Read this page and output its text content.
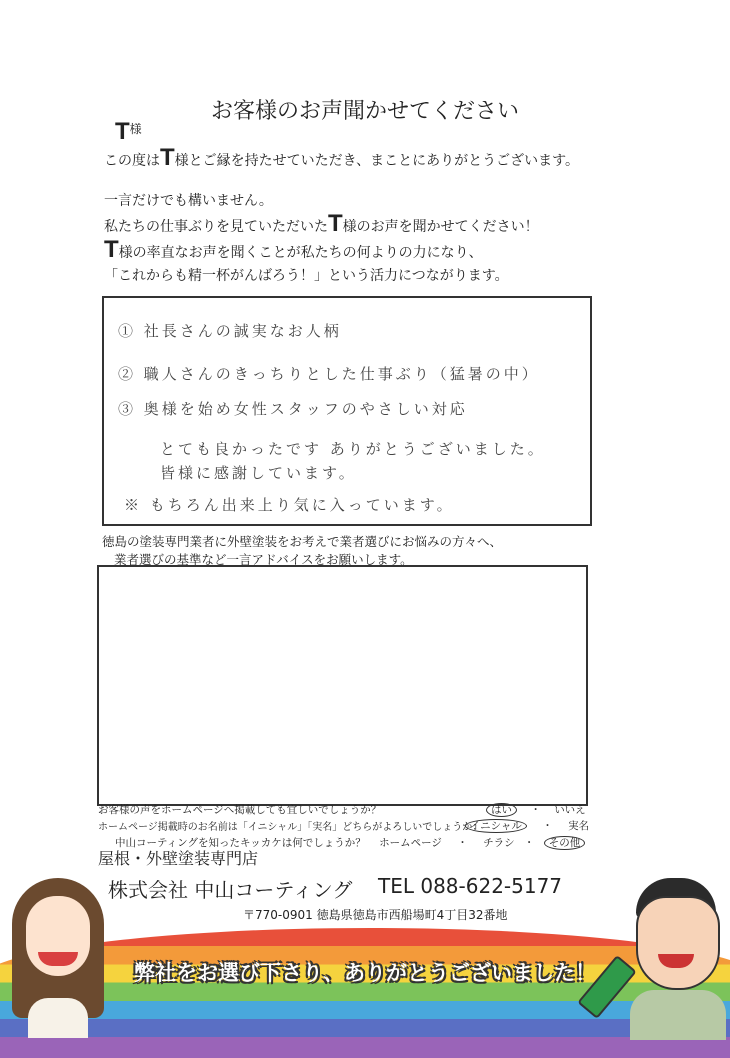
お客様のお声聞かせてください
$T^様$
この度はT様とご縁を持たせていただき、まことにありがとうございます。
一言だけでも構いません。
私たちの仕事ぶりを見ていただいたT様のお声を聞かせてください！
T様の率直なお声を聞くことが私たちの何よりの力になり、
「これからも精一杯がんばろう！」という活力につながります。
① 社長さんの誠実なお人柄
② 職人さんのきっちりとした仕事ぶり（猛暑の中）
③ 奥様を始め女性スタッフのやさしい対応
とても良かったです ありがとうございました。
皆様に感謝しています。
※ もちろん出来上り気に入っています。
徳島の塗装専門業者に外壁塗装をお考えで業者選びにお悩みの方々へ、
業者選びの基準など一言アドバイスをお願いします。
お客様の声をホームページへ掲載しても宜しいでしょうか？	はい ・ いいえ
ホームページ掲載時のお名前は「イニシャル」「実名」どちらがよろしいでしょうか：
イニシャル ・ 実名
中山コーティングを知ったキッカケは何でしょうか？ ホームページ ・ チラシ ・ その他
屋根・外壁塗装専門店
株式会社 中山コーティング TEL 088-622-5177
〒770-0901 徳島県徳島市西船場町4丁目32番地
弊社をお選び下さり、ありがとうございました！
